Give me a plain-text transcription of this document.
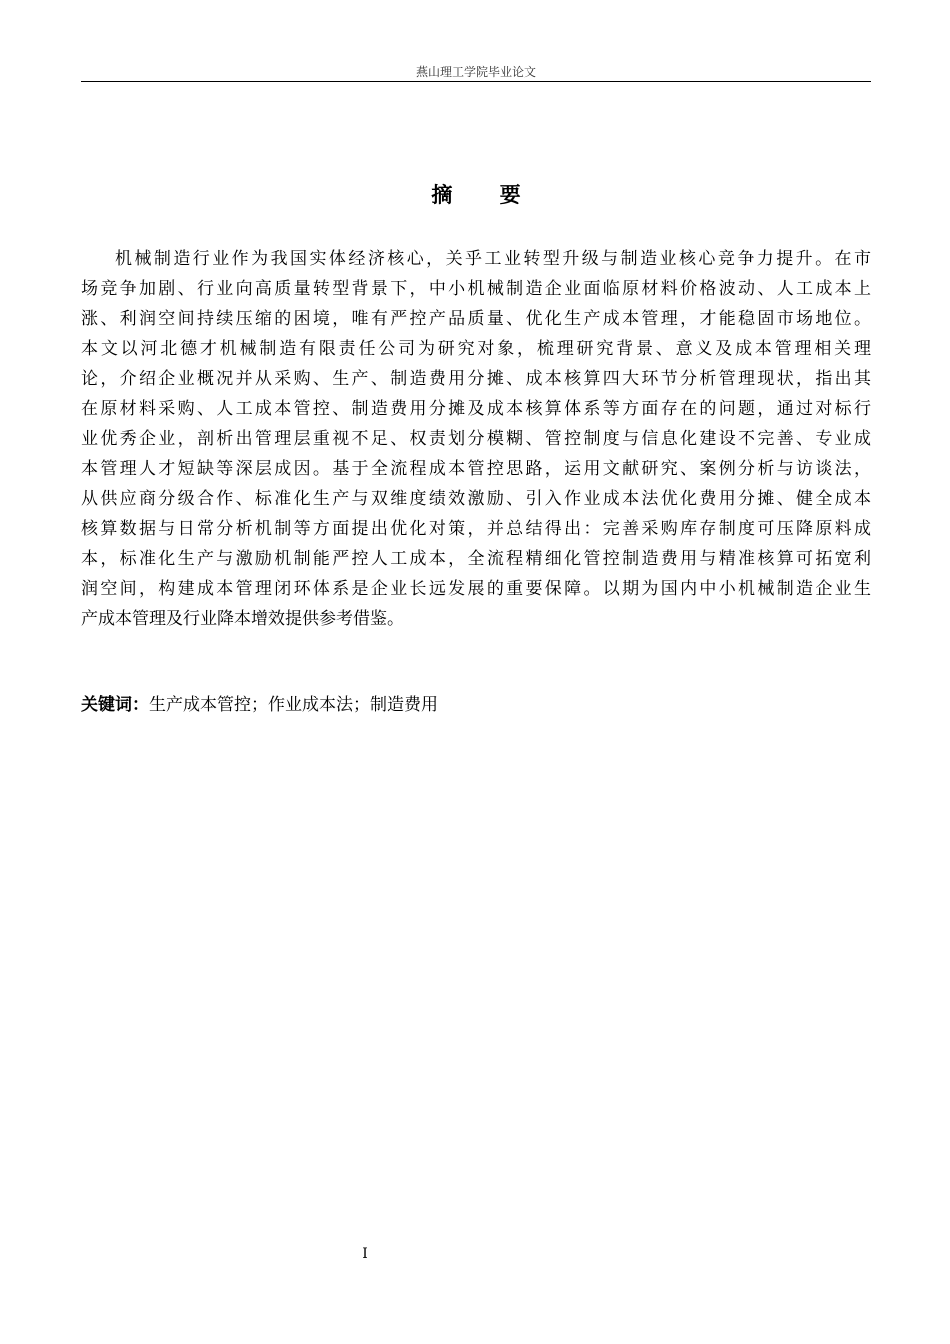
燕山理工学院毕业论文
摘 要
机械制造行业作为我国实体经济核心，关乎工业转型升级与制造业核心竞争力提升。在市
场竞争加剧、行业向高质量转型背景下，中小机械制造企业面临原材料价格波动、人工成本上
涨、利润空间持续压缩的困境，唯有严控产品质量、优化生产成本管理，才能稳固市场地位。
本文以河北德才机械制造有限责任公司为研究对象，梳理研究背景、意义及成本管理相关理
论，介绍企业概况并从采购、生产、制造费用分摊、成本核算四大环节分析管理现状，指出其
在原材料采购、人工成本管控、制造费用分摊及成本核算体系等方面存在的问题，通过对标行
业优秀企业，剖析出管理层重视不足、权责划分模糊、管控制度与信息化建设不完善、专业成
本管理人才短缺等深层成因。基于全流程成本管控思路，运用文献研究、案例分析与访谈法，
从供应商分级合作、标准化生产与双维度绩效激励、引入作业成本法优化费用分摊、健全成本
核算数据与日常分析机制等方面提出优化对策，并总结得出：完善采购库存制度可压降原料成
本，标准化生产与激励机制能严控人工成本，全流程精细化管控制造费用与精准核算可拓宽利
润空间，构建成本管理闭环体系是企业长远发展的重要保障。以期为国内中小机械制造企业生
产成本管理及行业降本增效提供参考借鉴。
关键词：生产成本管控；作业成本法；制造费用
I
